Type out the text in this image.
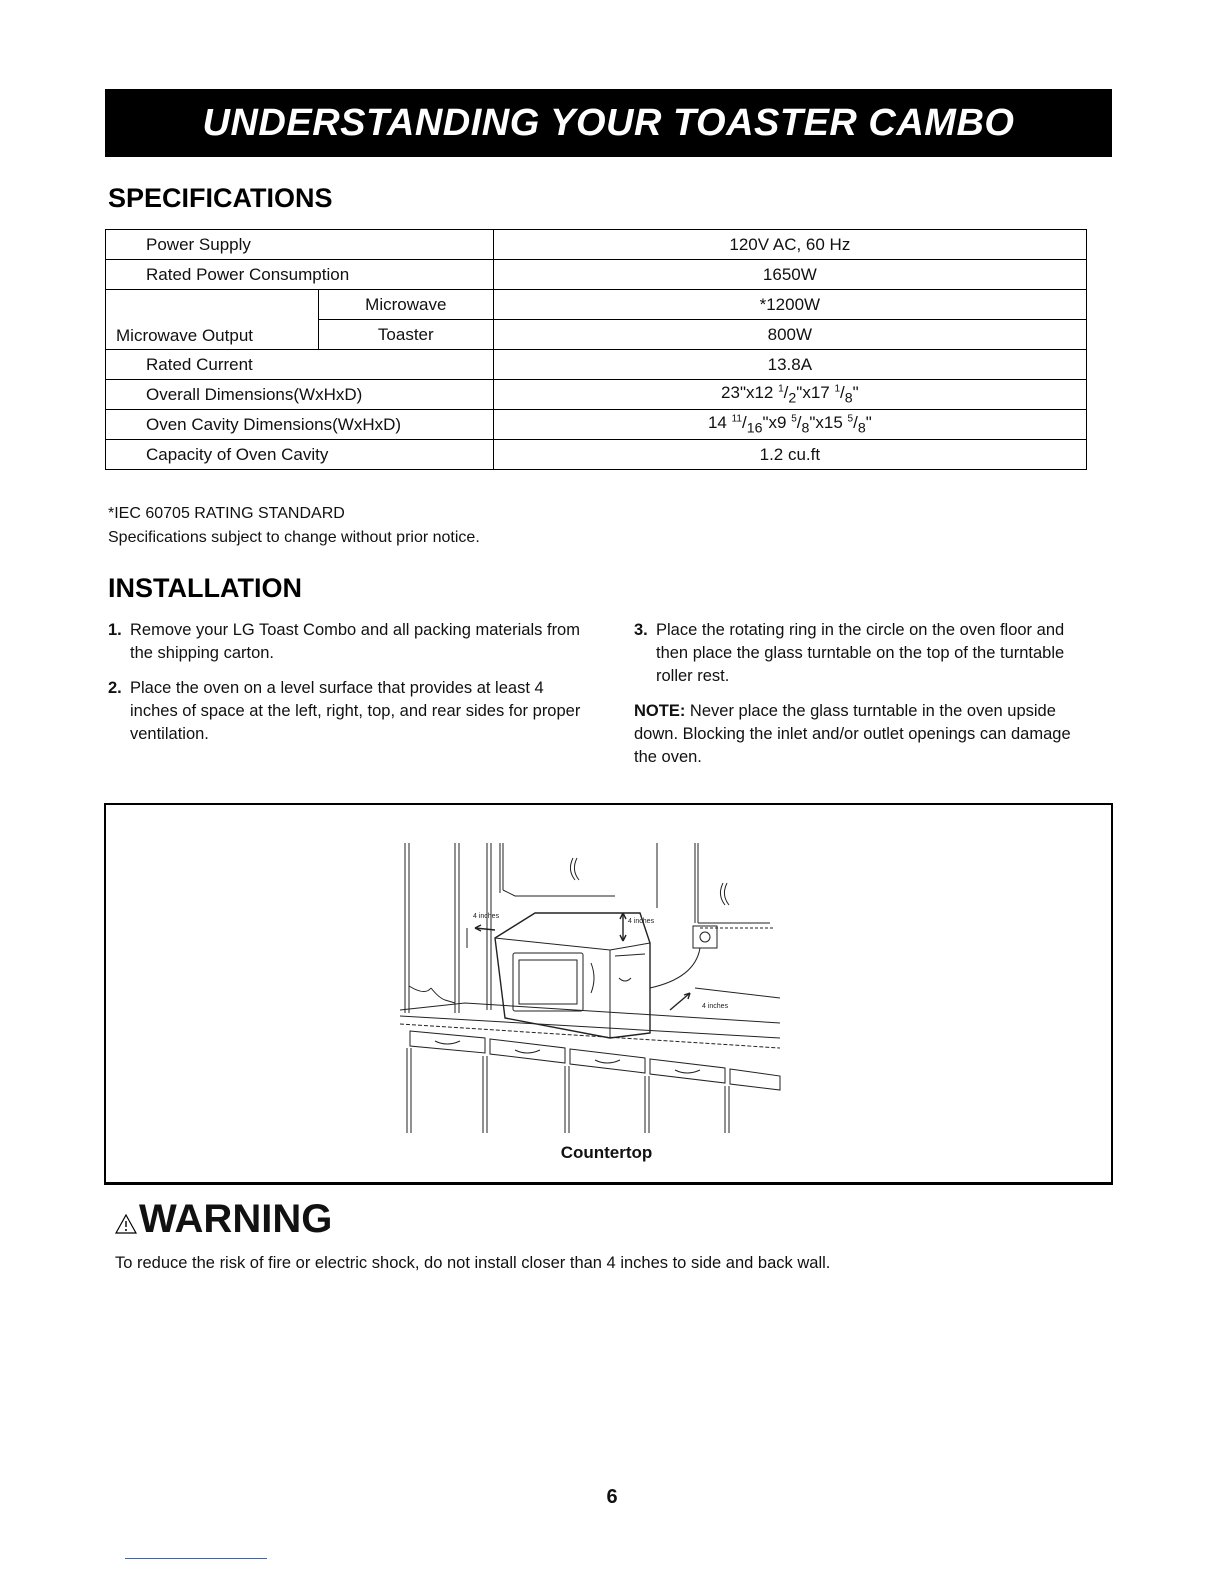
UNDERSTANDING YOUR TOASTER CAMBO
SPECIFICATIONS
Power Supply		120V AC, 60 Hz
Rated Power Consumption		1650W
Microwave Output	Microwave	*1200W
	Toaster	800W
Rated Current		13.8A
Overall Dimensions(WxHxD)		23"x12 $^1/_2"x17$ $^1/_8$"
Oven Cavity Dimensions(WxHxD)		14 $^{11}/_{16}"x9$ $^5/_8"x15$ $^5/_8$"
Capacity of Oven Cavity		1.2 cu.ft
*IEC 60705 RATING STANDARD
Specifications subject to change without prior notice.
INSTALLATION

1. Remove your LG Toast Combo and all packing materials from the shipping carton.

2. Place the oven on a level surface that provides at least 4 inches of space at the left, right, top, and rear sides for proper ventilation.

3. Place the rotating ring in the circle on the oven floor and then place the glass turntable on the top of the turntable roller rest.

NOTE: Never place the glass turntable in the oven upside down. Blocking the inlet and/or outlet openings can damage the oven.

4 inches
4 inches
4 inches
Countertop
WARNING
To reduce the risk of fire or electric shock, do not install closer than 4 inches to side and back wall.
6
